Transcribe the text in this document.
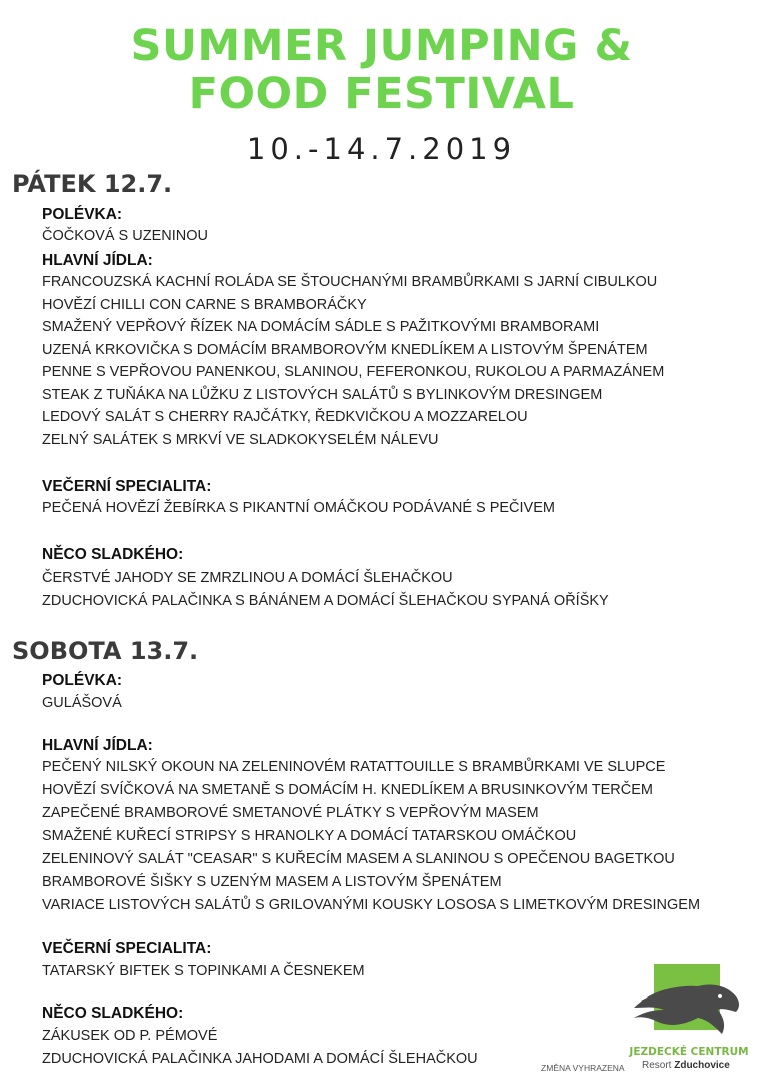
SUMMER JUMPING &
FOOD FESTIVAL
10.-14.7.2019
PÁTEK 12.7.
POLÉVKA:
ČOČKOVÁ S UZENINOU
HLAVNÍ JÍDLA:
FRANCOUZSKÁ KACHNÍ ROLÁDA SE ŠTOUCHANÝMI BRAMBŮRKAMI S JARNÍ CIBULKOU
HOVĚZÍ CHILLI CON CARNE S BRAMBORÁČKY
SMAŽENÝ VEPŘOVÝ ŘÍZEK NA DOMÁCÍM SÁDLE S PAŽITKOVÝMI BRAMBORAMI
UZENÁ KRKOVIČKA S DOMÁCÍM BRAMBOROVÝM KNEDLÍKEM A LISTOVÝM ŠPENÁTEM
PENNE S VEPŘOVOU PANENKOU, SLANINOU, FEFERONKOU, RUKOLOU A PARMAZÁNEM
STEAK Z TUŇÁKA NA LŮŽKU Z LISTOVÝCH SALÁTŮ S BYLINKOVÝM DRESINGEM
LEDOVÝ SALÁT S CHERRY RAJČÁTKY, ŘEDKVIČKOU A MOZZARELOU
ZELNÝ SALÁTEK S MRKVÍ VE SLADKOKYSELÉM NÁLEVU
VEČERNÍ SPECIALITA:
PEČENÁ HOVĚZÍ ŽEBÍRKA S PIKANTNÍ OMÁČKOU PODÁVANÉ S PEČIVEM
NĚCO SLADKÉHO:
ČERSTVÉ JAHODY SE ZMRZLINOU A DOMÁCÍ ŠLEHAČKOU
ZDUCHOVICKÁ PALAČINKA S BÁNÁNEM A DOMÁCÍ ŠLEHAČKOU SYPANÁ OŘÍŠKY
SOBOTA 13.7.
POLÉVKA:
GULÁŠOVÁ
HLAVNÍ JÍDLA:
PEČENÝ NILSKÝ OKOUN NA ZELENINOVÉM RATATTOUILLE S BRAMBŮRKAMI VE SLUPCE
HOVĚZÍ SVÍČKOVÁ NA SMETANĚ S DOMÁCÍM H. KNEDLÍKEM A BRUSINKOVÝM TERČEM
ZAPEČENÉ BRAMBOROVÉ SMETANOVÉ PLÁTKY S VEPŘOVÝM MASEM
SMAŽENÉ KUŘECÍ STRIPSY S HRANOLKY A DOMÁCÍ TATARSKOU OMÁČKOU
ZELENINOVÝ SALÁT "CEASAR" S KUŘECÍM MASEM A SLANINOU S OPEČENOU BAGETKOU
BRAMBOROVÉ ŠIŠKY S UZENÝM MASEM A LISTOVÝM ŠPENÁTEM
VARIACE LISTOVÝCH SALÁTŮ S GRILOVANÝMI KOUSKY LOSOSA S LIMETKOVÝM DRESINGEM
VEČERNÍ SPECIALITA:
TATARSKÝ BIFTEK S TOPINKAMI A ČESNEKEM
NĚCO SLADKÉHO:
ZÁKUSEK OD P. PÉMOVÉ
ZDUCHOVICKÁ PALAČINKA JAHODAMI A DOMÁCÍ ŠLEHAČKOU
ZMĚNA VYHRAZENA
JEZDECKÉ CENTRUM
Resort Zduchovice
